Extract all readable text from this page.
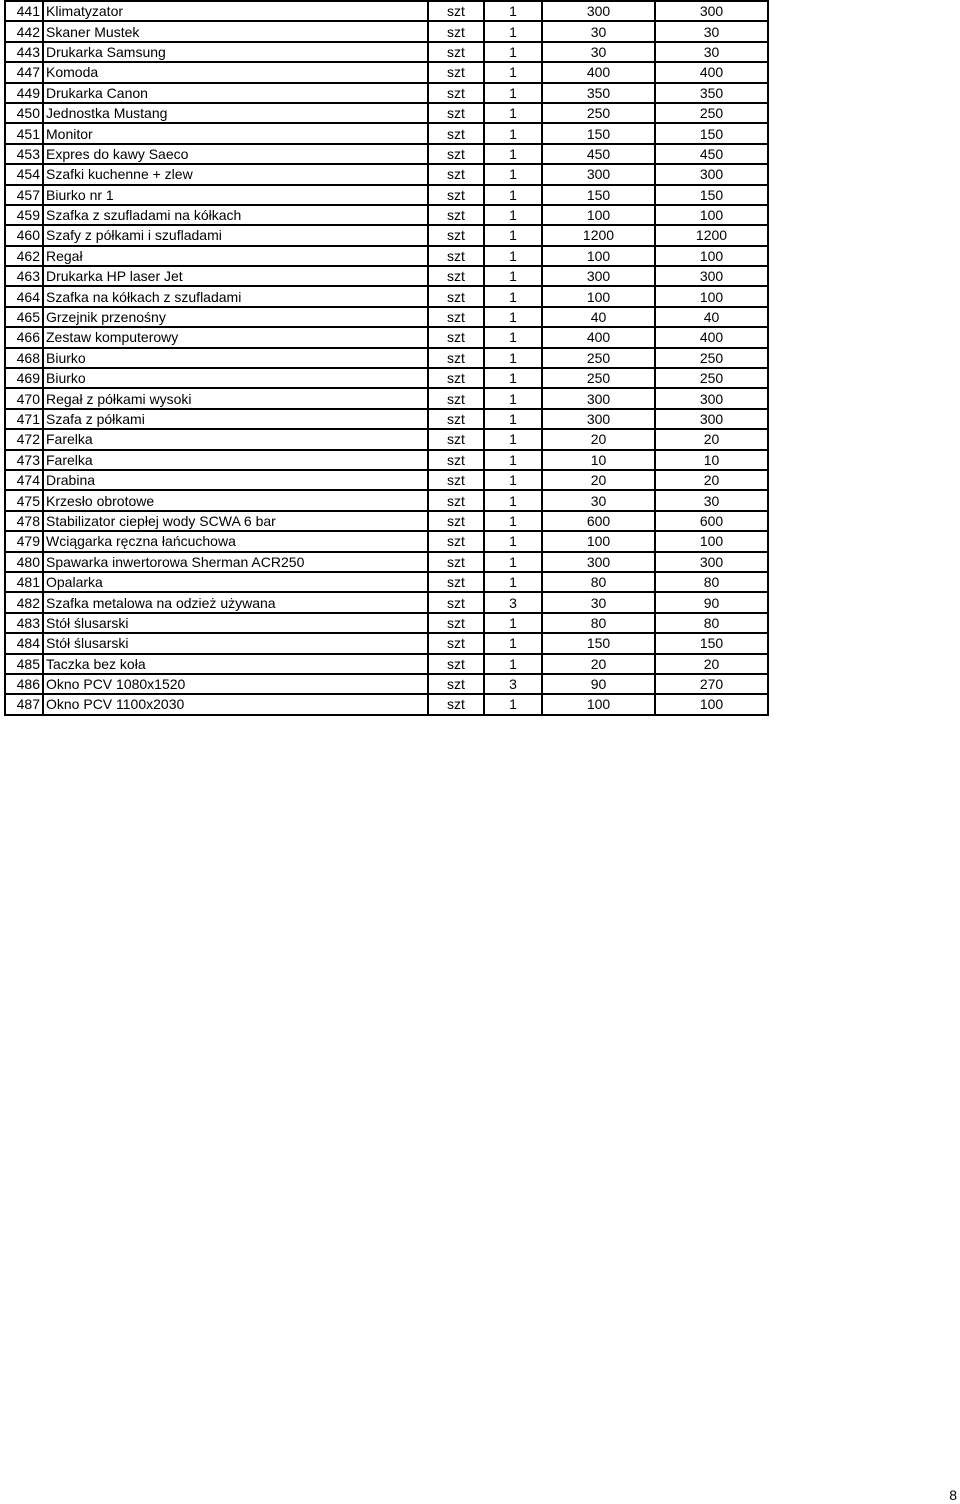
441	Klimatyzator	szt	1	300	300
442	Skaner Mustek	szt	1	30	30
443	Drukarka Samsung	szt	1	30	30
447	Komoda	szt	1	400	400
449	Drukarka Canon	szt	1	350	350
450	Jednostka Mustang	szt	1	250	250
451	Monitor	szt	1	150	150
453	Expres do kawy Saeco	szt	1	450	450
454	Szafki kuchenne + zlew	szt	1	300	300
457	Biurko nr 1	szt	1	150	150
459	Szafka z szufladami na kółkach	szt	1	100	100
460	Szafy z półkami i szufladami	szt	1	1200	1200
462	Regał	szt	1	100	100
463	Drukarka HP laser Jet	szt	1	300	300
464	Szafka na kółkach z szufladami	szt	1	100	100
465	Grzejnik przenośny	szt	1	40	40
466	Zestaw komputerowy	szt	1	400	400
468	Biurko	szt	1	250	250
469	Biurko	szt	1	250	250
470	Regał z półkami wysoki	szt	1	300	300
471	Szafa z półkami	szt	1	300	300
472	Farelka	szt	1	20	20
473	Farelka	szt	1	10	10
474	Drabina	szt	1	20	20
475	Krzesło obrotowe	szt	1	30	30
478	Stabilizator ciepłej wody SCWA 6 bar	szt	1	600	600
479	Wciągarka ręczna łańcuchowa	szt	1	100	100
480	Spawarka inwertorowa Sherman ACR250	szt	1	300	300
481	Opalarka	szt	1	80	80
482	Szafka metalowa na odzież używana	szt	3	30	90
483	Stół ślusarski	szt	1	80	80
484	Stół ślusarski	szt	1	150	150
485	Taczka bez koła	szt	1	20	20
486	Okno PCV 1080x1520	szt	3	90	270
487	Okno PCV 1100x2030	szt	1	100	100
8
